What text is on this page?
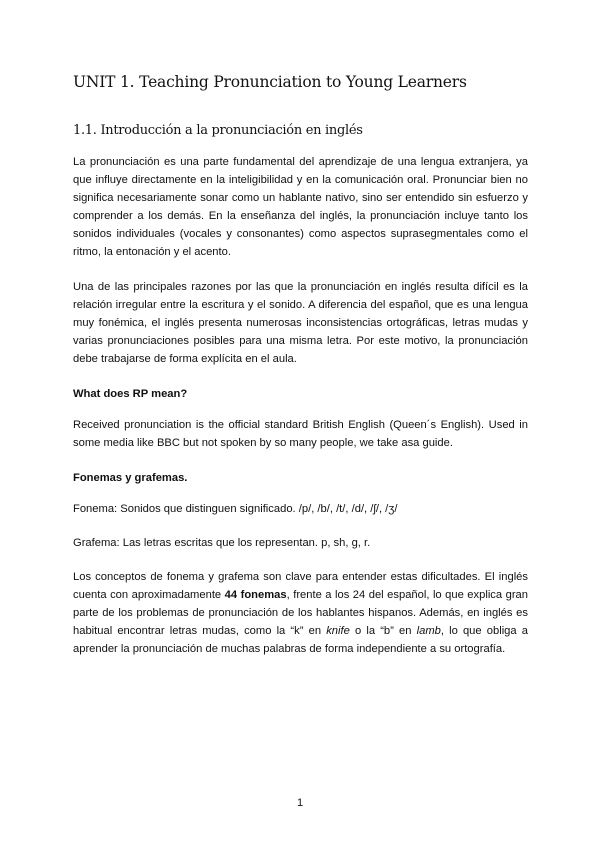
UNIT 1. Teaching Pronunciation to Young Learners
1.1. Introducción a la pronunciación en inglés

La pronunciación es una parte fundamental del aprendizaje de una lengua extranjera, ya que influye directamente en la inteligibilidad y en la comunicación oral. Pronunciar bien no significa necesariamente sonar como un hablante nativo, sino ser entendido sin esfuerzo y comprender a los demás. En la enseñanza del inglés, la pronunciación incluye tanto los sonidos individuales (vocales y consonantes) como aspectos suprasegmentales como el ritmo, la entonación y el acento.

Una de las principales razones por las que la pronunciación en inglés resulta difícil es la relación irregular entre la escritura y el sonido. A diferencia del español, que es una lengua muy fonémica, el inglés presenta numerosas inconsistencias ortográficas, letras mudas y varias pronunciaciones posibles para una misma letra. Por este motivo, la pronunciación debe trabajarse de forma explícita en el aula.

What does RP mean?

Received pronunciation is the official standard British English (Queen´s English). Used in some media like BBC but not spoken by so many people, we take asa guide.

Fonemas y grafemas.

Fonema: Sonidos que distinguen significado. /p/, /b/, /t/, /d/, /ʃ/, /ʒ/

Grafema: Las letras escritas que los representan. p, sh, g, r.

Los conceptos de fonema y grafema son clave para entender estas dificultades. El inglés cuenta con aproximadamente 44 fonemas, frente a los 24 del español, lo que explica gran parte de los problemas de pronunciación de los hablantes hispanos. Además, en inglés es habitual encontrar letras mudas, como la “k” en knife o la “b” en lamb, lo que obliga a aprender la pronunciación de muchas palabras de forma independiente a su ortografía.

1
